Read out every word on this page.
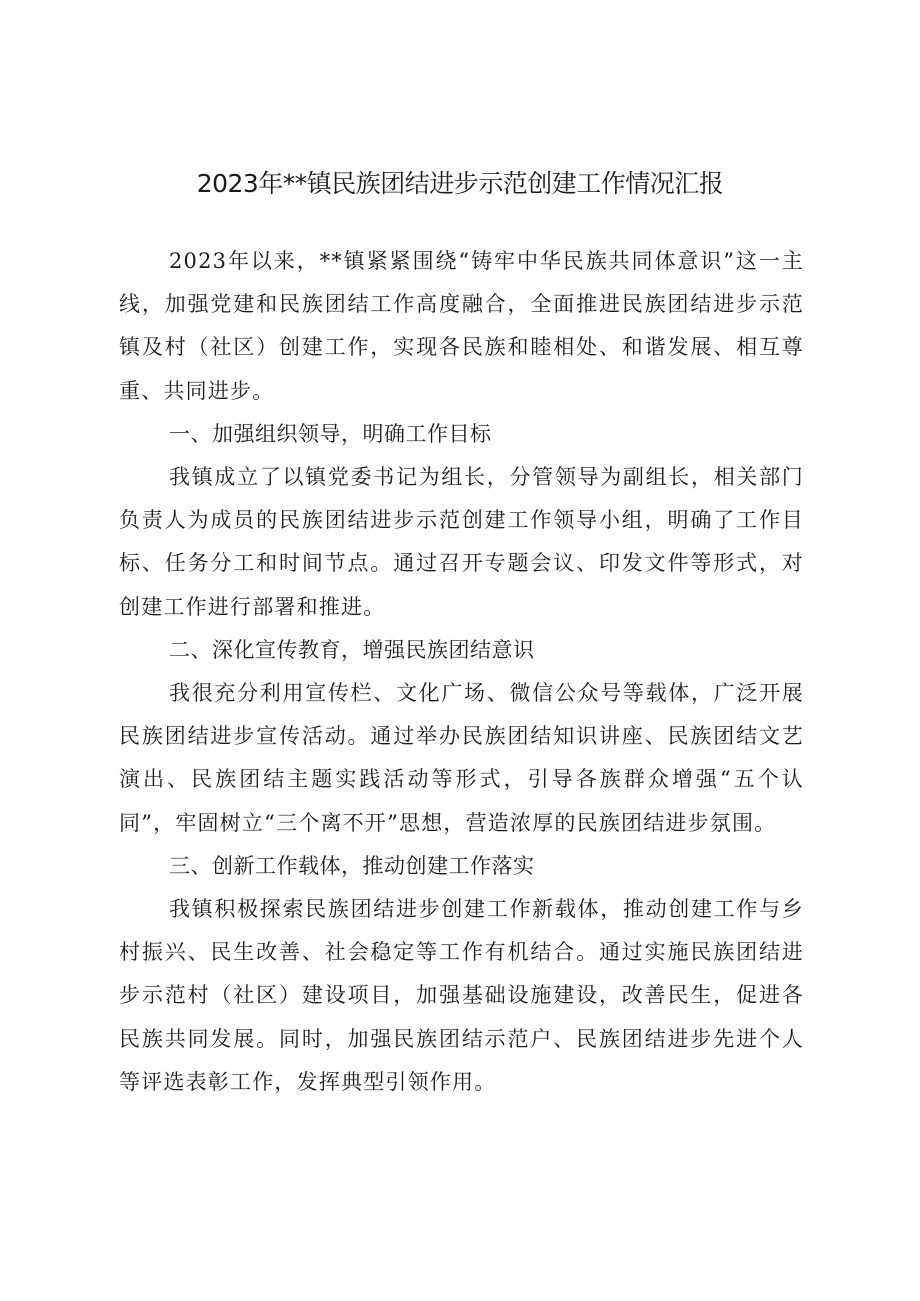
2023年**镇民族团结进步示范创建工作情况汇报

2023年以来，**镇紧紧围绕“铸牢中华民族共同体意识”这一主线，加强党建和民族团结工作高度融合，全面推进民族团结进步示范镇及村（社区）创建工作，实现各民族和睦相处、和谐发展、相互尊重、共同进步。

一、加强组织领导，明确工作目标

我镇成立了以镇党委书记为组长，分管领导为副组长，相关部门负责人为成员的民族团结进步示范创建工作领导小组，明确了工作目标、任务分工和时间节点。通过召开专题会议、印发文件等形式，对创建工作进行部署和推进。

二、深化宣传教育，增强民族团结意识

我很充分利用宣传栏、文化广场、微信公众号等载体，广泛开展民族团结进步宣传活动。通过举办民族团结知识讲座、民族团结文艺演出、民族团结主题实践活动等形式，引导各族群众增强“五个认同”，牢固树立“三个离不开”思想，营造浓厚的民族团结进步氛围。

三、创新工作载体，推动创建工作落实

我镇积极探索民族团结进步创建工作新载体，推动创建工作与乡村振兴、民生改善、社会稳定等工作有机结合。通过实施民族团结进步示范村（社区）建设项目，加强基础设施建设，改善民生，促进各民族共同发展。同时，加强民族团结示范户、民族团结进步先进个人等评选表彰工作，发挥典型引领作用。
